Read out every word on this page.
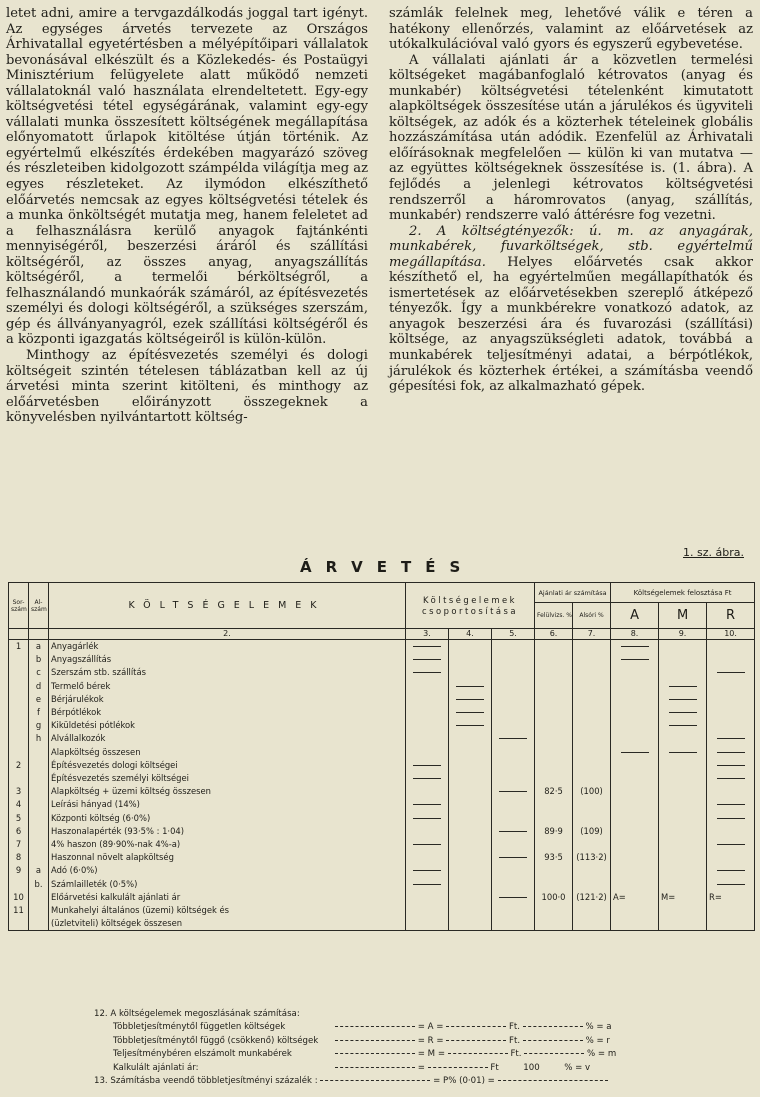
letet adni, amire a tervgazdálkodás joggal tart igényt. Az egységes árvetés tervezete az Országos Árhivatallal egyetértésben a mélyépítőipari vállalatok bevonásával elkészült és a Közlekedés- és Postaügyi Minisztérium felügyelete alatt működő nemzeti vállalatoknál való használata elrendeltetett. Egy-egy költségvetési tétel egységárának, valamint egy-egy vállalati munka összesített költségének megállapítása előnyomatott űrlapok kitöltése útján történik. Az egyértelmű elkészítés érdekében magyarázó szöveg és részleteiben kidolgozott számpélda világítja meg az egyes részleteket. Az ilymódon elkészíthető előárvetés nemcsak az egyes költségvetési tételek és a munka önköltségét mutatja meg, hanem feleletet ad a felhasználásra kerülő anyagok fajtánkénti mennyiségéről, beszerzési áráról és szállítási költségéről, az összes anyag, anyagszállítás költségéről, a termelői bérköltségről, a felhasználandó munkaórák számáról, az építésvezetés személyi és dologi költségéről, a szükséges szerszám, gép és állványanyagról, ezek szállítási költségéről és a központi igazgatás költségeiről is külön-külön.

Minthogy az építésvezetés személyi és dologi költségeit szintén tételesen táblázatban kell az új árvetési minta szerint kitölteni, és minthogy az előárvetésben előirányzott összegeknek a könyvelésben nyilvántartott költség-

számlák felelnek meg, lehetővé válik e téren a hatékony ellenőrzés, valamint az előárvetések az utókalkulációval való gyors és egyszerű egybevetése.

A vállalati ajánlati ár a közvetlen termelési költségeket magábanfoglaló kétrovatos (anyag és munkabér) költségvetési tételenként kimutatott alapköltségek összesítése után a járulékos és ügyviteli költségek, az adók és a közterhek tételeinek globális hozzászámítása után adódik. Ezenfelül az Árhivatali előírásoknak megfelelően — külön ki van mutatva — az együttes költségeknek összesítése is. (1. ábra). A fejlődés a jelenlegi kétrovatos költségvetési rendszerről a háromrovatos (anyag, szállítás, munkabér) rendszerre való áttérésre fog vezetni.

2. A költségtényezők: ú. m. az anyagárak, munkabérek, fuvarköltségek, stb. egyértelmű megállapítása. Helyes előárvetés csak akkor készíthető el, ha egyértelműen megállapíthatók és ismertetések az előárvetésekben szereplő átképező tényezők. Így a munkbérekre vonatkozó adatok, az anyagok beszerzési ára és fuvarozási (szállítási) költsége, az anyagszükségleti adatok, továbbá a munkabérek teljesítményi adatai, a bérpótlékok, járulékok és közterhek értékei, a számításba veendő gépesítési fok, az alkalmazható gépek.

1. sz. ábra.
ÁRVETÉS
Sor-szám	Al-szám	KÖLTSÉGELEMEK	Költségelemek csoportosítása			Ajánlati ár számítása		Költségelemek felosztása Ft		
						Felülvizs. %	Alsóri %	A	M	R
		2.	3.	4.	5.	6.	7.	8.	9.	10.
1	a	Anyagárlék								
	b	Anyagszállítás								
	c	Szerszám stb. szállítás								
	d	Termelő bérek								
	e	Bérjárulékok								
	f	Bérpótlékok								
	g	Kiküldetési pótlékok								
	h	Alvállalkozók								
		Alapköltség összesen								
2		Építésvezetés dologi költségei								
		Építésvezetés személyi költségei								
3		Alapköltség + üzemi költség összesen				82·5	(100)			
4		Leírási hányad (14%)								
5		Központi költség (6·0%)								
6		Haszonalapérték (93·5% : 1·04)				89·9	(109)			
7		4% haszon (89·90%-nak 4%-a)								
8		Haszonnal növelt alapköltség				93·5	(113·2)			
9	a	Adó (6·0%)								
	b.	Számlailleték (0·5%)								
10		Előárvetési kalkulált ajánlati ár				100·0	(121·2)	A=	M=	R=
11		Munkahelyi általános (üzemi) költségek és								
		(üzletviteli) költségek összesen								
12. A költségelemek megoszlásának számítása:
Többletjesítménytől független költségek	= A =	Ft.	% = a
Többletjesítménytől függő (csökkenő) költségek	= R =	Ft.	% = r
Teljesítménybéren elszámolt munkabérek	= M =	Ft.	% = m
Kalkulált ajánlati ár:	=	Ft	100	% = v
13. Számításba veendő többletjesítményi százalék :	= P% (0·01) =
